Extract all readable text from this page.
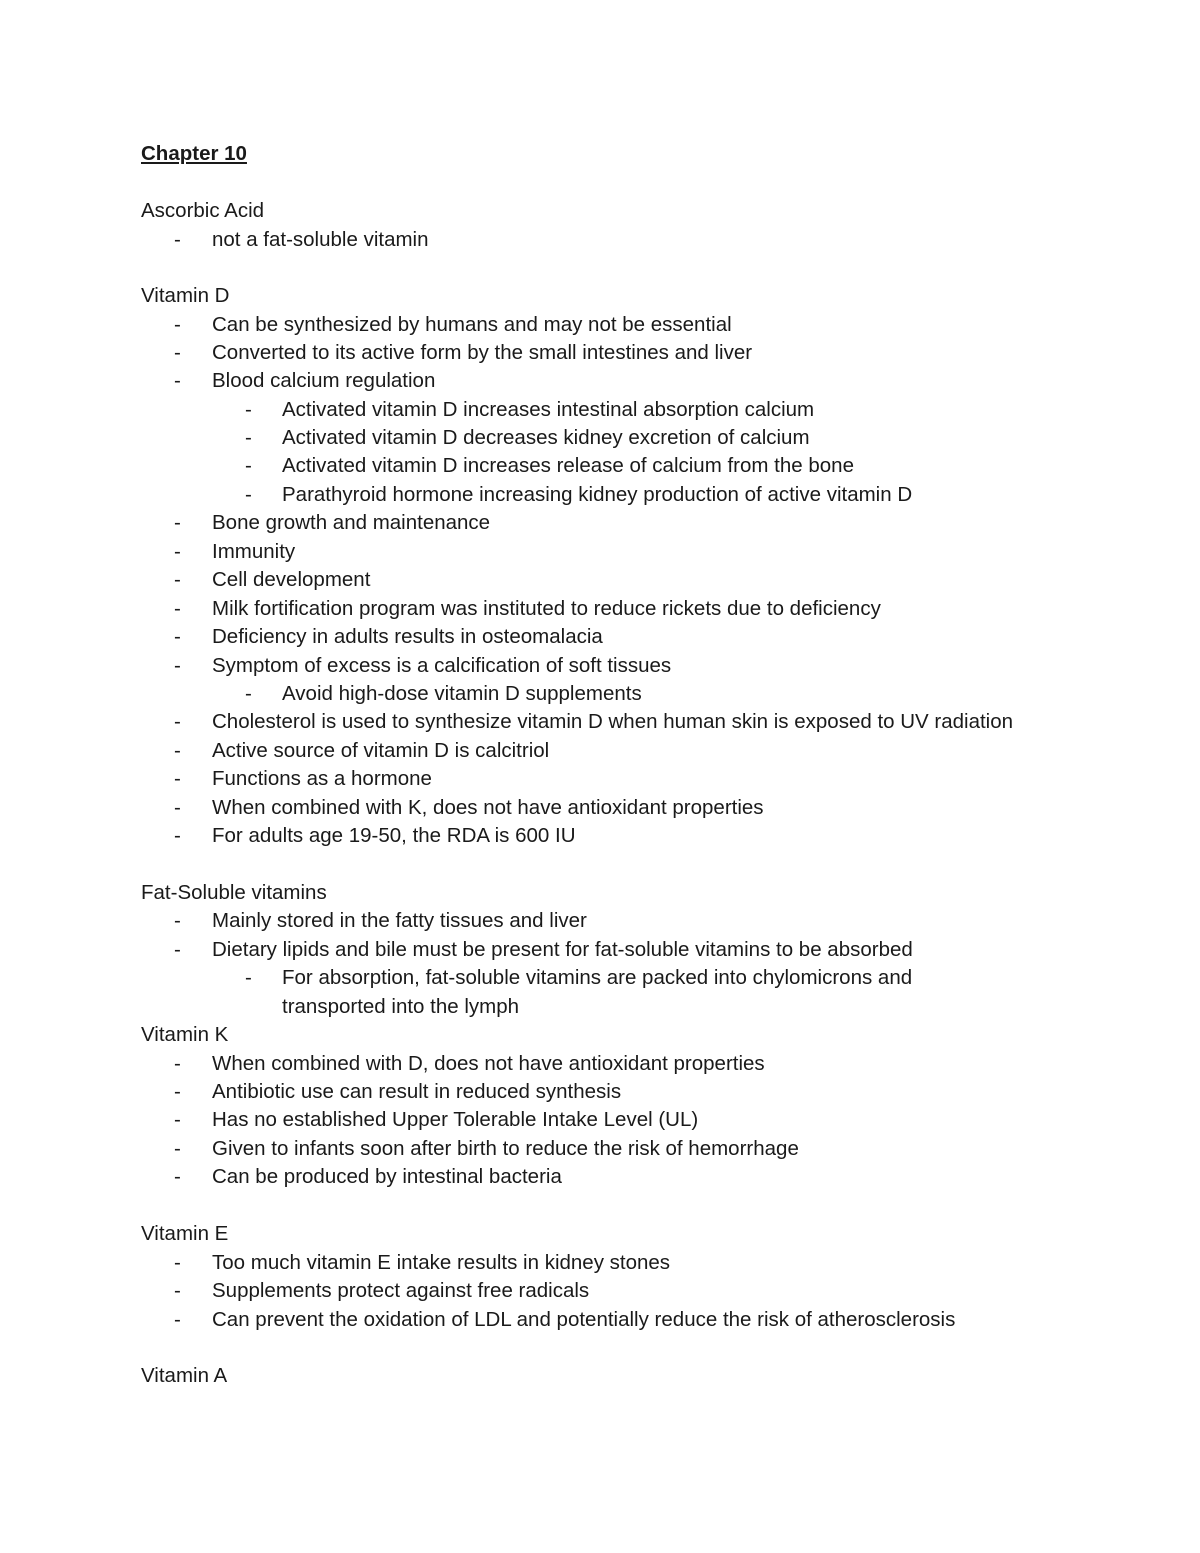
Chapter 10
Ascorbic Acid
- not a fat-soluble vitamin
Vitamin D
- Can be synthesized by humans and may not be essential
- Converted to its active form by the small intestines and liver
- Blood calcium regulation
- Activated vitamin D increases intestinal absorption calcium
- Activated vitamin D decreases kidney excretion of calcium
- Activated vitamin D increases release of calcium from the bone
- Parathyroid hormone increasing kidney production of active vitamin D
- Bone growth and maintenance
- Immunity
- Cell development
- Milk fortification program was instituted to reduce rickets due to deficiency
- Deficiency in adults results in osteomalacia
- Symptom of excess is a calcification of soft tissues
- Avoid high-dose vitamin D supplements
- Cholesterol is used to synthesize vitamin D when human skin is exposed to UV radiation
- Active source of vitamin D is calcitriol
- Functions as a hormone
- When combined with K, does not have antioxidant properties
- For adults age 19-50, the RDA is 600 IU
Fat-Soluble vitamins
- Mainly stored in the fatty tissues and liver
- Dietary lipids and bile must be present for fat-soluble vitamins to be absorbed
- For absorption, fat-soluble vitamins are packed into chylomicrons and
transported into the lymph
Vitamin K
- When combined with D, does not have antioxidant properties
- Antibiotic use can result in reduced synthesis
- Has no established Upper Tolerable Intake Level (UL)
- Given to infants soon after birth to reduce the risk of hemorrhage
- Can be produced by intestinal bacteria
Vitamin E
- Too much vitamin E intake results in kidney stones
- Supplements protect against free radicals
- Can prevent the oxidation of LDL and potentially reduce the risk of atherosclerosis
Vitamin A
